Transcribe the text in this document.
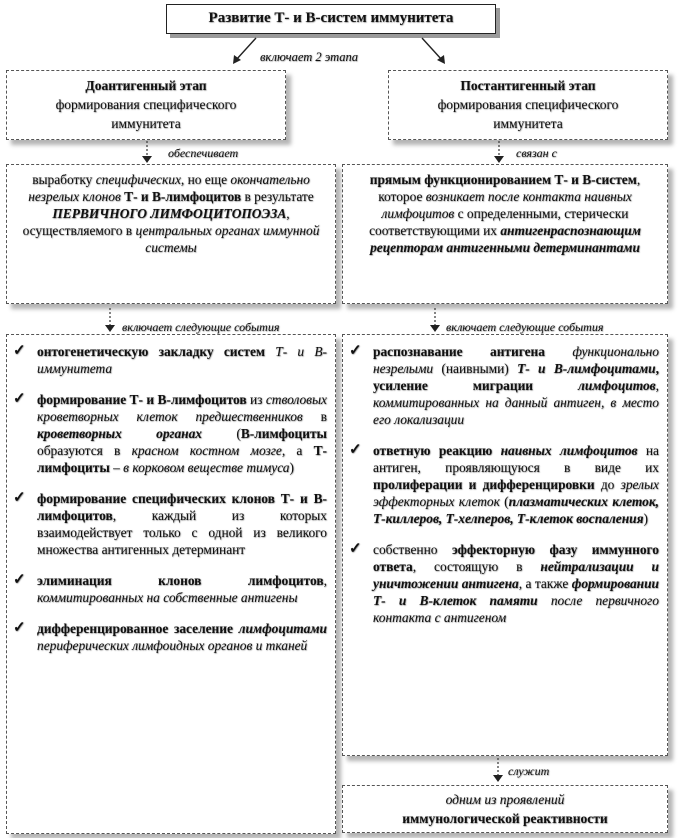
Развитие Т- и В-систем иммунитета
включает 2 этапа
Доантигенный этап
формирования специфического
иммунитета
Постантигенный этап
формирования специфического
иммунитета
обеспечивает	связан с
выработку специфических, но еще окончательно незрелых клонов Т- и В-лимфоцитов в результате ПЕРВИЧНОГО ЛИМФОЦИТОПОЭЗА, осуществляемого в центральных органах иммунной системы
прямым функционированием Т- и В-систем, которое возникает после контакта наивных лимфоцитов с определенными, стерически соответствующими их антигенраспознающим рецепторам антигенными детерминантами
включает следующие события	включает следующие события
✓ онтогенетическую закладку систем Т- и В-иммунитета
✓ формирование Т- и В-лимфоцитов из стволовых кроветворных клеток предшественников в кроветворных органах	(В-лимфоциты образуются в красном костном мозге, а Т-лимфоциты – в корковом веществе тимуса)
✓ формирование специфических клонов Т- и В-лимфоцитов, каждый из которых взаимодействует только с одной из великого множества антигенных детерминант
✓ элиминация клонов лимфоцитов, коммитированных на собственные антигены
✓ дифференцированное заселение лимфоцитами периферических лимфоидных органов и тканей
✓ распознавание антигена функционально незрелыми (наивными) Т- и В-лимфоцитами, усиление миграции	лимфоцитов, коммитированных на данный антиген, в место его локализации
✓ ответную реакцию наивных лимфоцитов на антиген, проявляющуюся в виде их пролиферации и дифференцировки до зрелых эффекторных клеток (плазматических клеток, Т-киллеров, Т-хелперов, Т-клеток воспаления)
✓ собственно эффекторную фазу иммунного ответа, состоящую в нейтрализации и уничтожении антигена, а также формировании Т- и В-клеток памяти после первичного контакта с антигеном
служит
одним из проявлений
иммунологической реактивности
